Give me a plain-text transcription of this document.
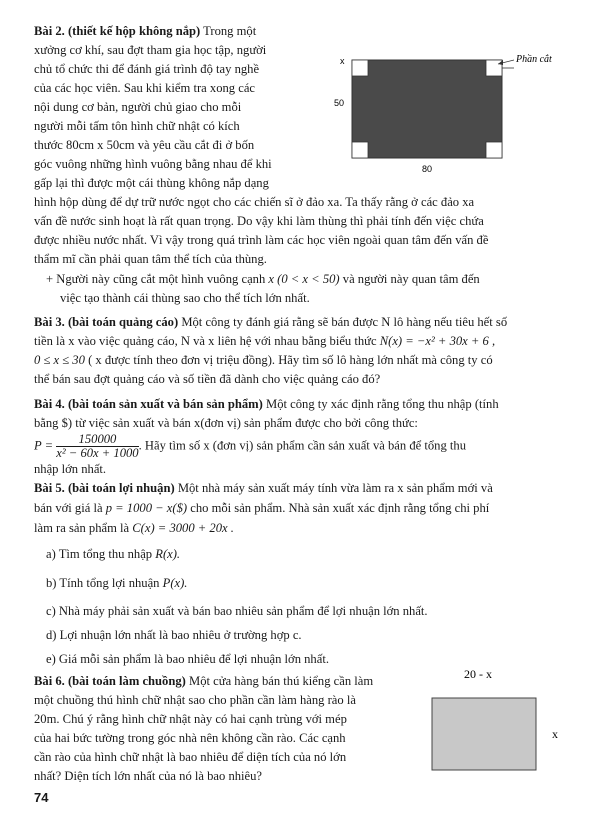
Bài 2. (thiết kế hộp không nắp) Trong một
xưởng cơ khí, sau đợt tham gia học tập, người
chủ tổ chức thi để đánh giá trình độ tay nghề
của các học viên. Sau khi kiểm tra xong các
nội dung cơ bản, người chủ giao cho mỗi
người mỗi tấm tôn hình chữ nhật có kích
thước 80cm x 50cm và yêu cầu cắt đi ở bốn
góc vuông những hình vuông bằng nhau để khi
gấp lại thì được một cái thùng không nắp dạng
x
50
80
Phần cắt
hình hộp dùng để dự trữ nước ngọt cho các chiến sĩ ở đảo xa. Ta thấy rằng ở các đảo xa
vấn đề nước sinh hoạt là rất quan trọng. Do vậy khi làm thùng thì phải tính đến việc chứa
được nhiều nước nhất. Vì vậy trong quá trình làm các học viên ngoài quan tâm đến vấn đề
thẩm mĩ cần phải quan tâm thể tích của thùng.
+ Người này cũng cắt một hình vuông cạnh x (0 < x < 50) và người này quan tâm đến
việc tạo thành cái thùng sao cho thể tích lớn nhất.
Bài 3. (bài toán quảng cáo) Một công ty đánh giá rằng sẽ bán được N lô hàng nếu tiêu hết số
tiền là x vào việc quảng cáo, N và x liên hệ với nhau bằng biểu thức N(x) = −x² + 30x + 6 ,
0 ≤ x ≤ 30 ( x được tính theo đơn vị triệu đồng). Hãy tìm số lô hàng lớn nhất mà công ty có
thể bán sau đợt quảng cáo và số tiền đã dành cho việc quảng cáo đó?
Bài 4. (bài toán sản xuất và bán sản phẩm) Một công ty xác định rằng tổng thu nhập (tính
bằng $) từ việc sản xuất và bán x(đơn vị) sản phẩm được cho bởi công thức:
$P = \frac{150000}{\text{x² − 60x + 1000}}$ . Hãy tìm số x (đơn vị) sản phẩm cần sản xuất và bán để tổng thu
nhập lớn nhất.
Bài 5. (bài toán lợi nhuận) Một nhà máy sản xuất máy tính vừa làm ra x sản phẩm mới và
bán với giá là p = 1000 − x($) cho mỗi sản phẩm. Nhà sản xuất xác định rằng tổng chi phí
làm ra sản phẩm là C(x) = 3000 + 20x .
a) Tìm tổng thu nhập R(x).
b) Tính tổng lợi nhuận P(x).
c) Nhà máy phải sản xuất và bán bao nhiêu sản phẩm để lợi nhuận lớn nhất.
d) Lợi nhuận lớn nhất là bao nhiêu ở trường hợp c.
e) Giá mỗi sản phẩm là bao nhiêu để lợi nhuận lớn nhất.
Bài 6. (bài toán làm chuồng) Một cửa hàng bán thú kiểng cần làm
một chuồng thú hình chữ nhật sao cho phần cần làm hàng rào là
20m. Chú ý rằng hình chữ nhật này có hai cạnh trùng với mép
của hai bức tường trong góc nhà nên không cần rào. Các cạnh
cần rào của hình chữ nhật là bao nhiêu để diện tích của nó lớn
nhất? Diện tích lớn nhất của nó là bao nhiêu?
20 - x
x
74
